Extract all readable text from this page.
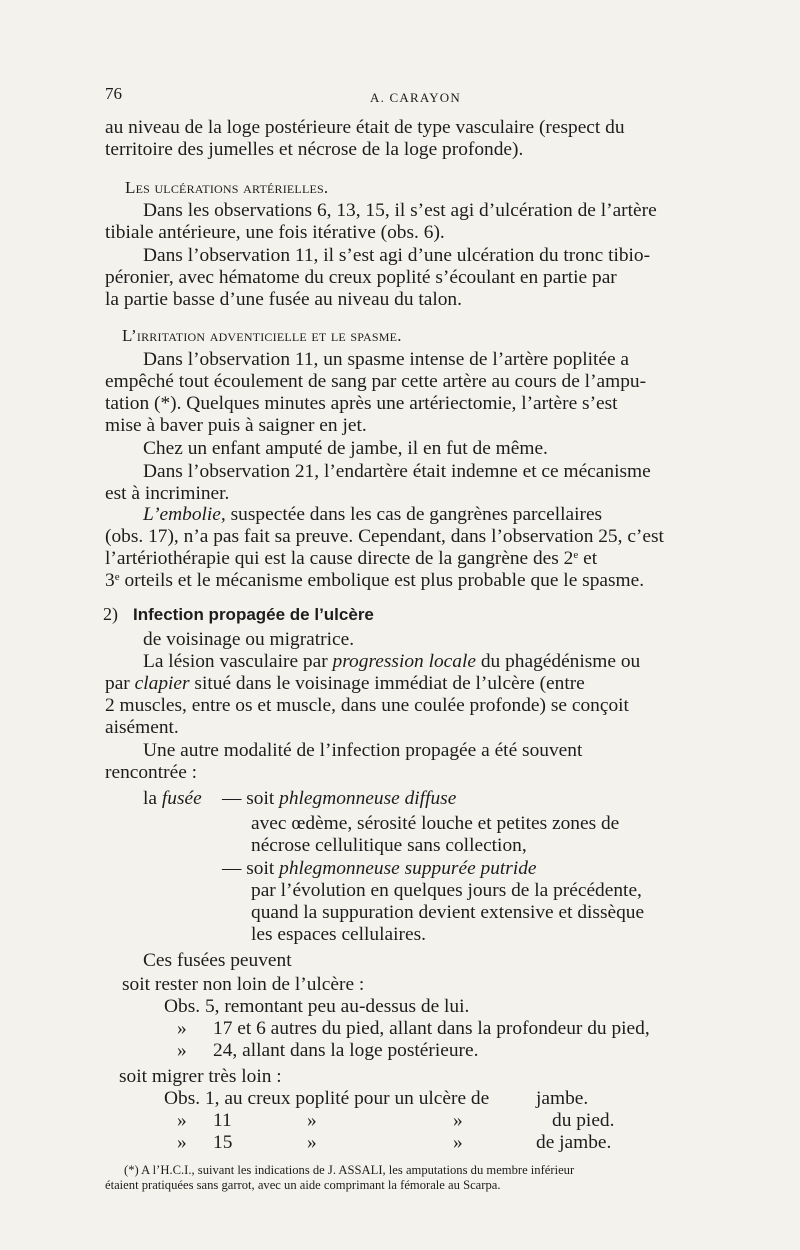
76	A. CARAYON
au niveau de la loge postérieure était de type vasculaire (respect du
territoire des jumelles et nécrose de la loge profonde).
Les ulcérations artérielles.
Dans les observations 6, 13, 15, il s’est agi d’ulcération de l’artère
tibiale antérieure, une fois itérative (obs. 6).
Dans l’observation 11, il s’est agi d’une ulcération du tronc tibio-
péronier, avec hématome du creux poplité s’écoulant en partie par
la partie basse d’une fusée au niveau du talon.
L’irritation adventicielle et le spasme.
Dans l’observation 11, un spasme intense de l’artère poplitée a
empêché tout écoulement de sang par cette artère au cours de l’ampu-
tation (*). Quelques minutes après une artériectomie, l’artère s’est
mise à baver puis à saigner en jet.
Chez un enfant amputé de jambe, il en fut de même.
Dans l’observation 21, l’endartère était indemne et ce mécanisme
est à incriminer.
L’embolie, suspectée dans les cas de gangrènes parcellaires
(obs. 17), n’a pas fait sa preuve. Cependant, dans l’observation 25, c’est
l’artériothérapie qui est la cause directe de la gangrène des 2e et
3e orteils et le mécanisme embolique est plus probable que le spasme.
2) Infection propagée de l’ulcère
de voisinage ou migratrice.
La lésion vasculaire par progression locale du phagédénisme ou
par clapier situé dans le voisinage immédiat de l’ulcère (entre
2 muscles, entre os et muscle, dans une coulée profonde) se conçoit
aisément.
Une autre modalité de l’infection propagée a été souvent
rencontrée :
la fusée — soit phlegmonneuse diffuse
avec œdème, sérosité louche et petites zones de
nécrose cellulitique sans collection,
— soit phlegmonneuse suppurée putride
par l’évolution en quelques jours de la précédente,
quand la suppuration devient extensive et dissèque
les espaces cellulaires.
Ces fusées peuvent
soit rester non loin de l’ulcère :
Obs. 5, remontant peu au-dessus de lui.
» 17 et 6 autres du pied, allant dans la profondeur du pied,
» 24, allant dans la loge postérieure.
soit migrer très loin :
Obs. 1, au creux poplité pour un ulcère de jambe.
» 11	»	»	du pied.
» 15	»	»	de jambe.
(*) A l’H.C.I., suivant les indications de J. ASSALI, les amputations du membre inférieur
étaient pratiquées sans garrot, avec un aide comprimant la fémorale au Scarpa.
